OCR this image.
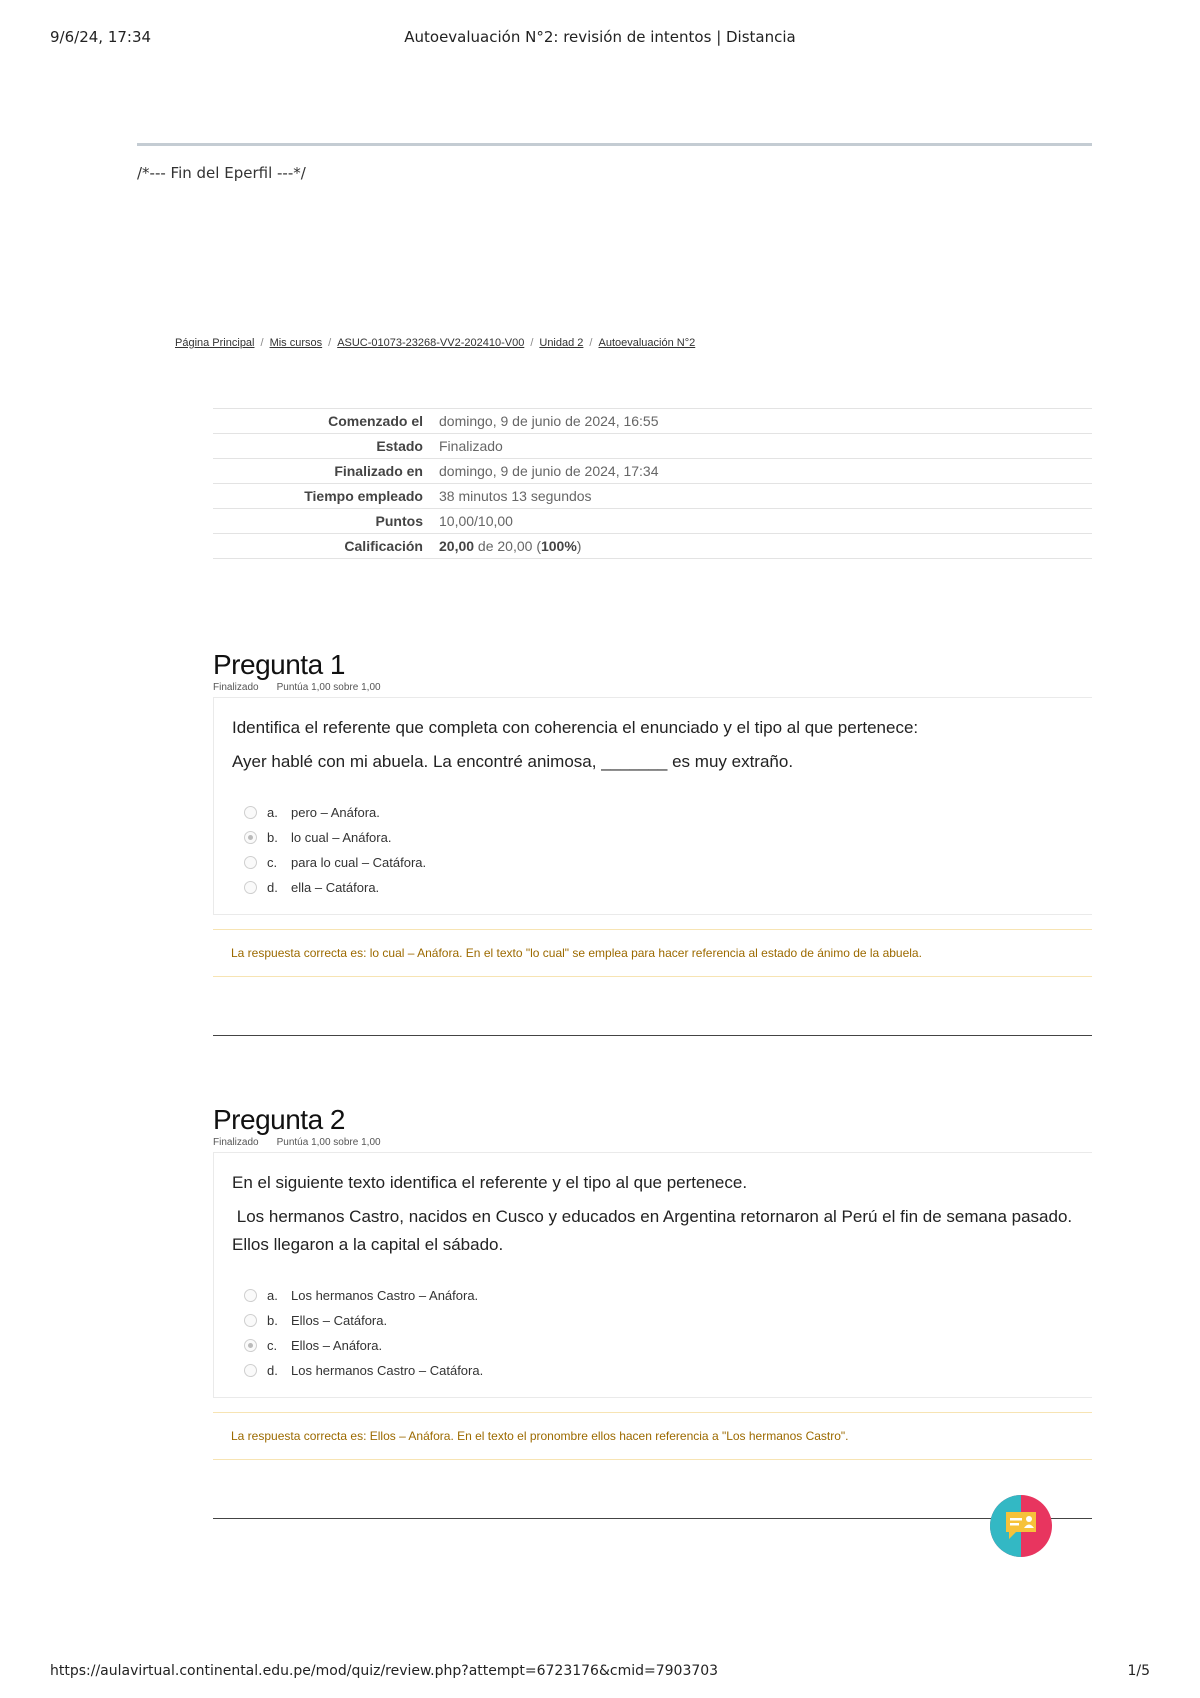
9/6/24, 17:34	Autoevaluación N°2: revisión de intentos | Distancia
/*--- Fin del Eperfil ---*/
Página Principal / Mis cursos / ASUC-01073-23268-VV2-202410-V00 / Unidad 2 / Autoevaluación N°2
Comenzado el	domingo, 9 de junio de 2024, 16:55
Estado	Finalizado
Finalizado en	domingo, 9 de junio de 2024, 17:34
Tiempo empleado	38 minutos 13 segundos
Puntos	10,00/10,00
Calificación	20,00 de 20,00 (100%)
Pregunta 1
Finalizado Puntúa 1,00 sobre 1,00
Identifica el referente que completa con coherencia el enunciado y el tipo al que pertenece:
Ayer hablé con mi abuela. La encontré animosa, _______ es muy extraño.
a.	pero – Anáfora.
b.	lo cual – Anáfora.
c.	para lo cual – Catáfora.
d.	ella – Catáfora.
La respuesta correcta es: lo cual – Anáfora. En el texto "lo cual" se emplea para hacer referencia al estado de ánimo de la abuela.
Pregunta 2
Finalizado Puntúa 1,00 sobre 1,00
En el siguiente texto identifica el referente y el tipo al que pertenece.
Los hermanos Castro, nacidos en Cusco y educados en Argentina retornaron al Perú el fin de semana pasado. Ellos llegaron a la capital el sábado.
a.	Los hermanos Castro – Anáfora.
b.	Ellos – Catáfora.
c.	Ellos – Anáfora.
d.	Los hermanos Castro – Catáfora.
La respuesta correcta es: Ellos – Anáfora. En el texto el pronombre ellos hacen referencia a "Los hermanos Castro".
https://aulavirtual.continental.edu.pe/mod/quiz/review.php?attempt=6723176&cmid=7903703	1/5
